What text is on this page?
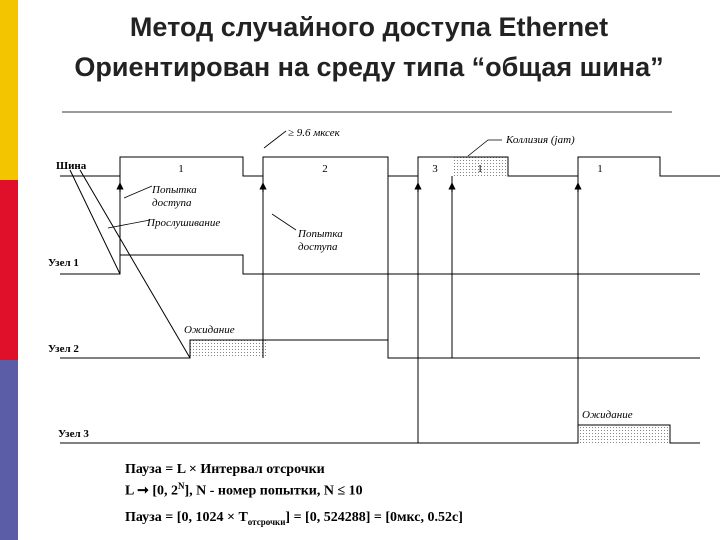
Метод случайного доступа Ethernet
Ориентирован на среду типа “общая шина”
Шина
Узел 1
Узел 2
Узел 3
≥ 9.6 мксек
Коллизия (jam)
1	2	3	1	1
Попытка доступа
Прослушивание
Попытка доступа
Ожидание
Ожидание
Пауза = L × Интервал отсрочки
L ➞ [0, $2^N$], N - номер попытки, N ≤ 10
Пауза = [0, $1024 \times T_{отсрочки}] = [0$, 524288] = [0мкс, 0.52с]
